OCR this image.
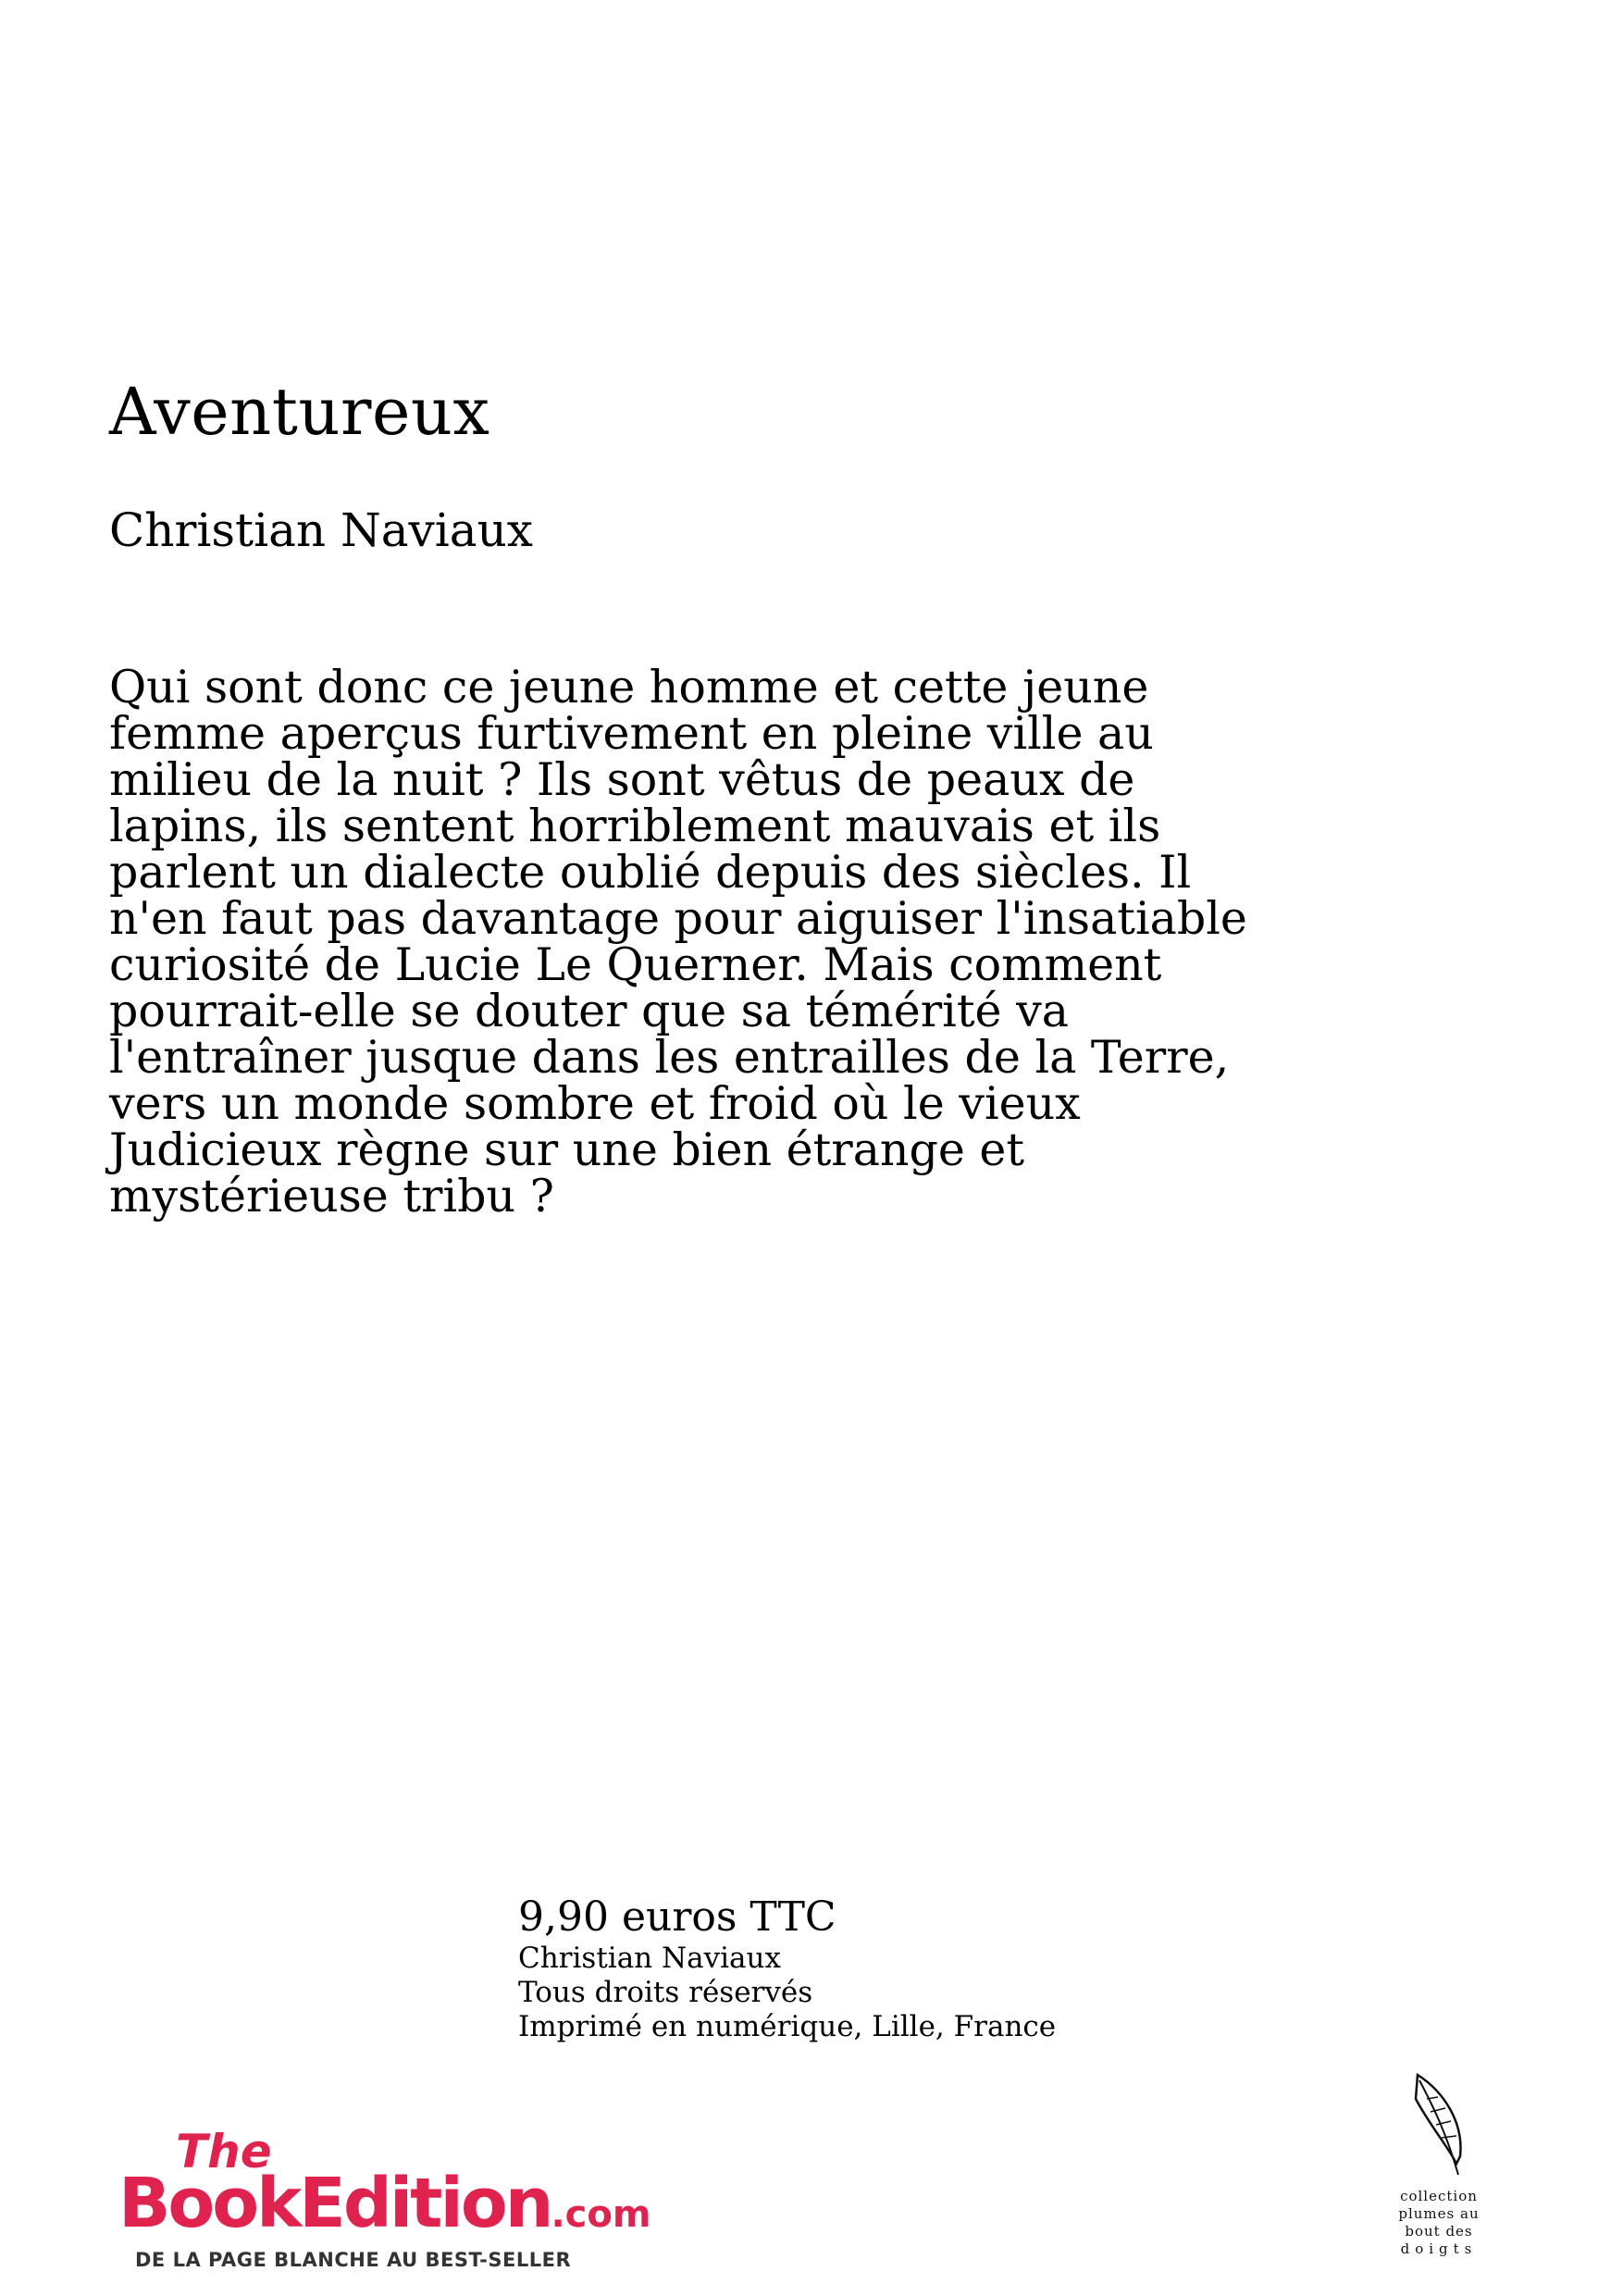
Aventureux
Christian Naviaux

Qui sont donc ce jeune homme et cette jeune femme aperçus furtivement en pleine ville au milieu de la nuit ? Ils sont vêtus de peaux de lapins, ils sentent horriblement mauvais et ils parlent un dialecte oublié depuis des siècles. Il n'en faut pas davantage pour aiguiser l'insatiable curiosité de Lucie Le Querner. Mais comment pourrait-elle se douter que sa témérité va l'entraîner jusque dans les entrailles de la Terre, vers un monde sombre et froid où le vieux Judicieux règne sur une bien étrange et mystérieuse tribu ?

9,90 euros TTC
Christian Naviaux
Tous droits réservés
Imprimé en numérique, Lille, France
The
BookEdition.com
DE LA PAGE BLANCHE AU BEST-SELLER
collection
plumes au
bout des
doigts
